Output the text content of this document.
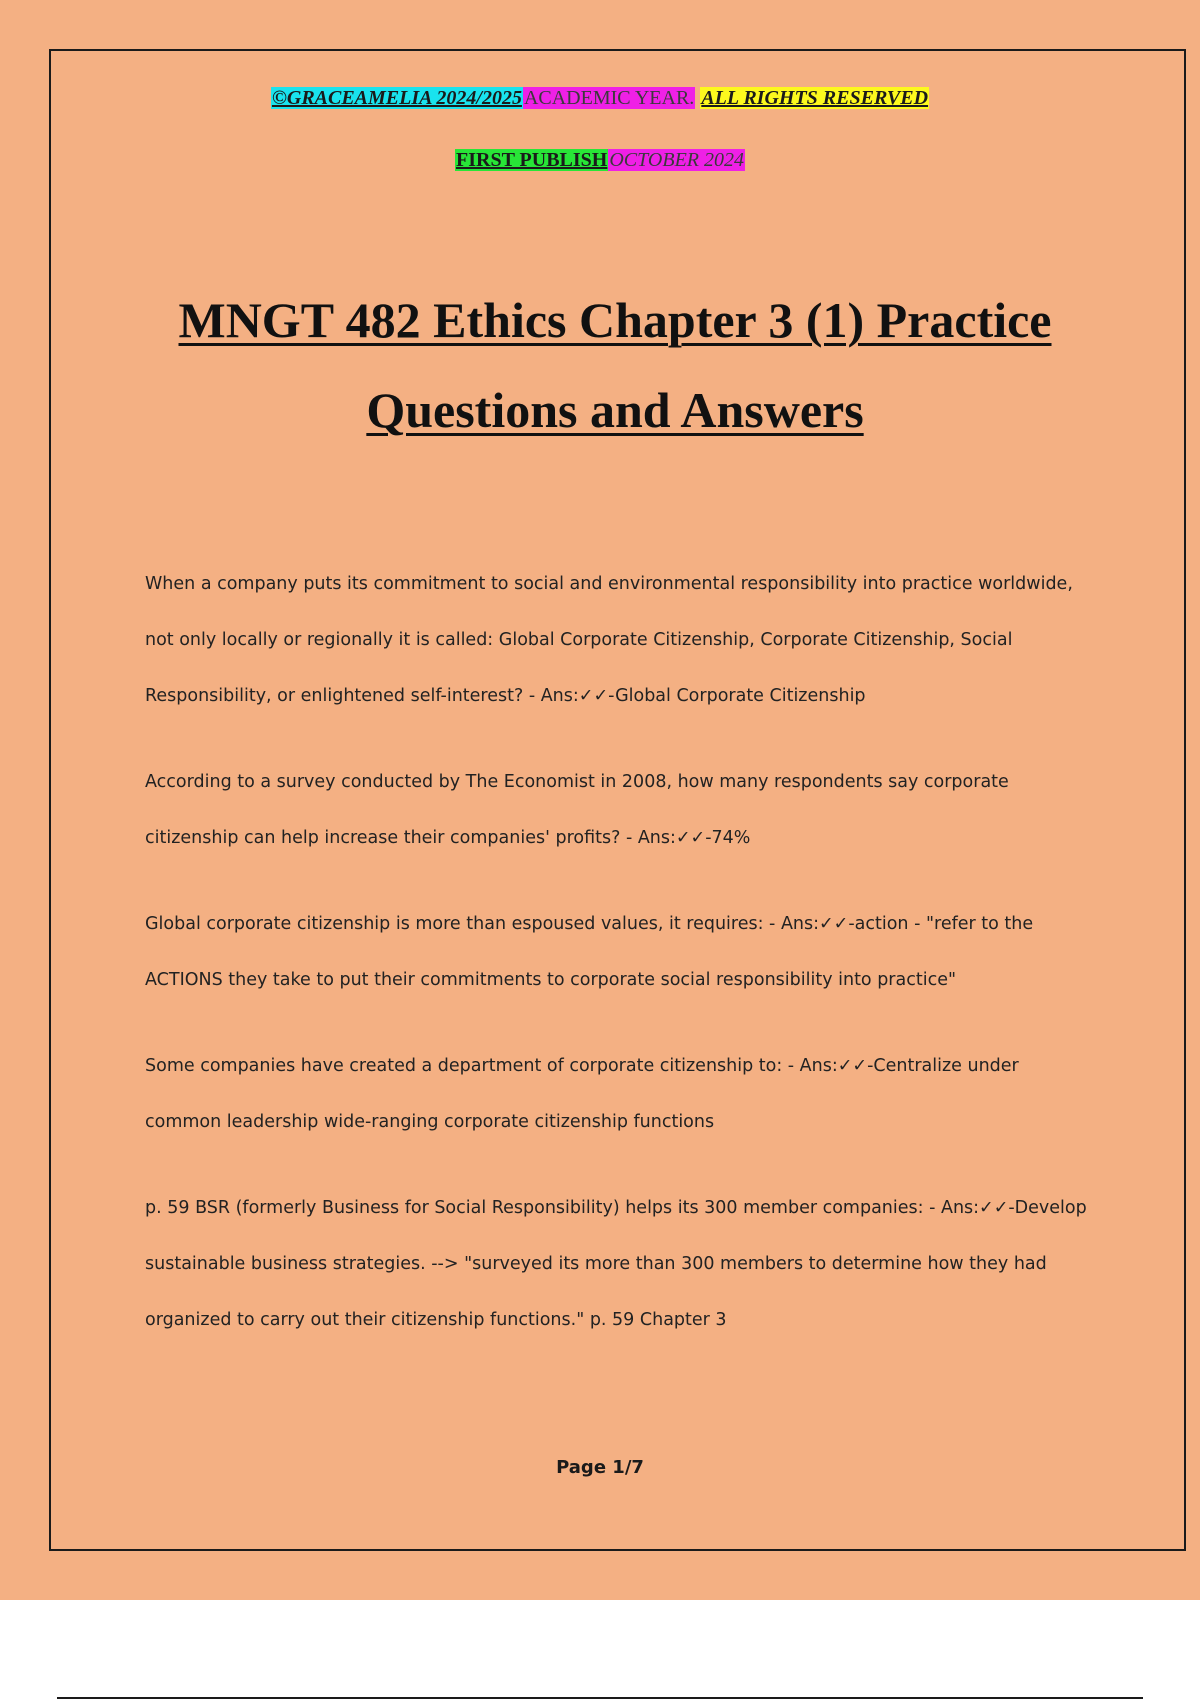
©GRACEAMELIA 2024/2025 ACADEMIC YEAR. ALL RIGHTS RESERVED
FIRST PUBLISH OCTOBER 2024
MNGT 482 Ethics Chapter 3 (1) Practice Questions and Answers
When a company puts its commitment to social and environmental responsibility into practice worldwide, not only locally or regionally it is called: Global Corporate Citizenship, Corporate Citizenship, Social Responsibility, or enlightened self-interest? - Ans:✓✓-Global Corporate Citizenship
According to a survey conducted by The Economist in 2008, how many respondents say corporate citizenship can help increase their companies' profits? - Ans:✓✓-74%
Global corporate citizenship is more than espoused values, it requires: - Ans:✓✓-action - "refer to the ACTIONS they take to put their commitments to corporate social responsibility into practice"
Some companies have created a department of corporate citizenship to: - Ans:✓✓-Centralize under common leadership wide-ranging corporate citizenship functions
p. 59 BSR (formerly Business for Social Responsibility) helps its 300 member companies: - Ans:✓✓-Develop sustainable business strategies. --> "surveyed its more than 300 members to determine how they had organized to carry out their citizenship functions." p. 59 Chapter 3
Page 1/7
